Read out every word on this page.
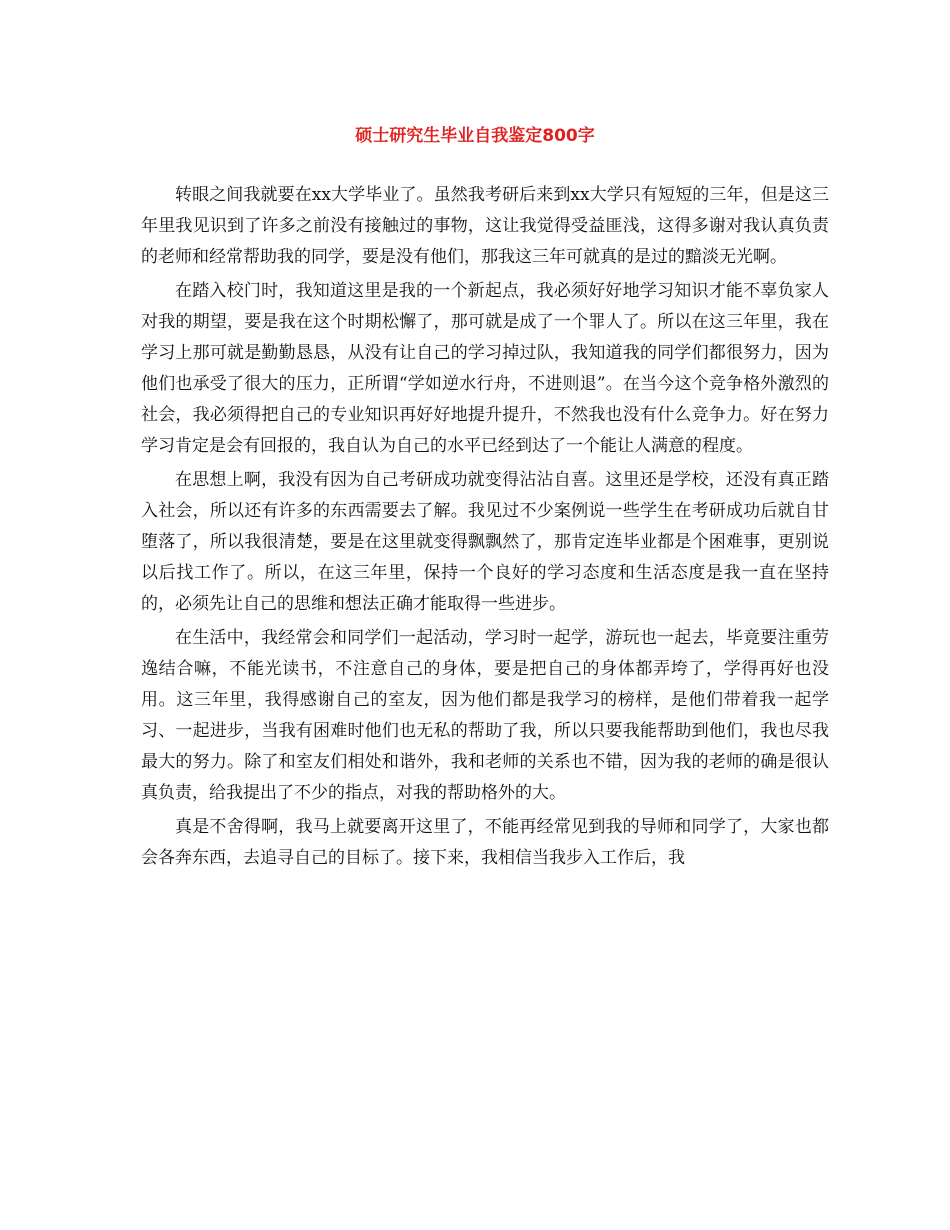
硕士研究生毕业自我鉴定800字

转眼之间我就要在xx大学毕业了。虽然我考研后来到xx大学只有短短的三年，但是这三年里我见识到了许多之前没有接触过的事物，这让我觉得受益匪浅，这得多谢对我认真负责的老师和经常帮助我的同学，要是没有他们，那我这三年可就真的是过的黯淡无光啊。

在踏入校门时，我知道这里是我的一个新起点，我必须好好地学习知识才能不辜负家人对我的期望，要是我在这个时期松懈了，那可就是成了一个罪人了。所以在这三年里，我在学习上那可就是勤勤恳恳，从没有让自己的学习掉过队，我知道我的同学们都很努力，因为他们也承受了很大的压力，正所谓“学如逆水行舟，不进则退”。在当今这个竞争格外激烈的社会，我必须得把自己的专业知识再好好地提升提升，不然我也没有什么竞争力。好在努力学习肯定是会有回报的，我自认为自己的水平已经到达了一个能让人满意的程度。

在思想上啊，我没有因为自己考研成功就变得沾沾自喜。这里还是学校，还没有真正踏入社会，所以还有许多的东西需要去了解。我见过不少案例说一些学生在考研成功后就自甘堕落了，所以我很清楚，要是在这里就变得飘飘然了，那肯定连毕业都是个困难事，更别说以后找工作了。所以，在这三年里，保持一个良好的学习态度和生活态度是我一直在坚持的，必须先让自己的思维和想法正确才能取得一些进步。

在生活中，我经常会和同学们一起活动，学习时一起学，游玩也一起去，毕竟要注重劳逸结合嘛，不能光读书，不注意自己的身体，要是把自己的身体都弄垮了，学得再好也没用。这三年里，我得感谢自己的室友，因为他们都是我学习的榜样，是他们带着我一起学习、一起进步，当我有困难时他们也无私的帮助了我，所以只要我能帮助到他们，我也尽我最大的努力。除了和室友们相处和谐外，我和老师的关系也不错，因为我的老师的确是很认真负责，给我提出了不少的指点，对我的帮助格外的大。

真是不舍得啊，我马上就要离开这里了，不能再经常见到我的导师和同学了，大家也都会各奔东西，去追寻自己的目标了。接下来，我相信当我步入工作后，我
